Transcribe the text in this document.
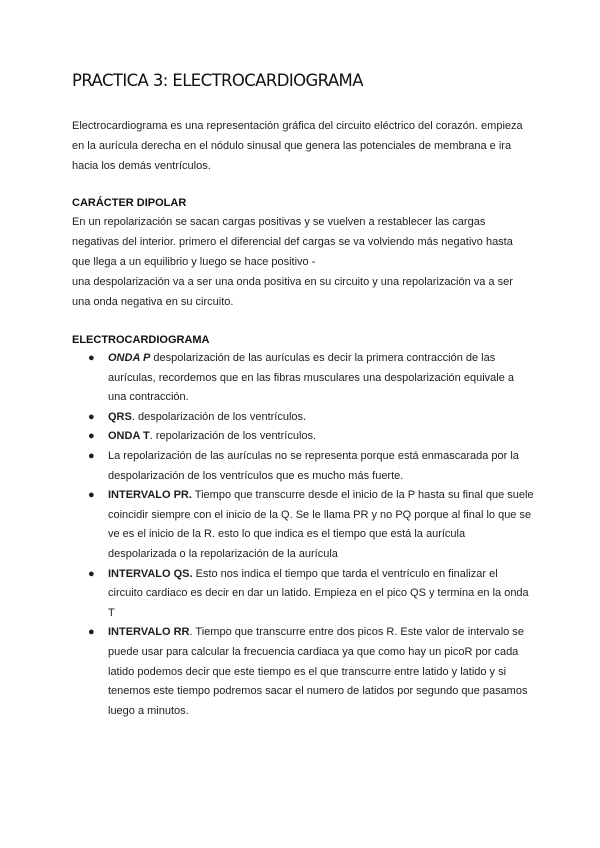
PRACTICA 3: ELECTROCARDIOGRAMA

Electrocardiograma es una representación gráfica del circuito eléctrico del corazón. empieza en la aurícula derecha en el nódulo sinusal que genera las potenciales de membrana e ira hacia los demás ventrículos.

CARÁCTER DIPOLAR

En un repolarización se sacan cargas positivas y se vuelven a restablecer las cargas negativas del interior. primero el diferencial def cargas se va volviendo más negativo hasta que llega a un equilibrio y luego se hace positivo -

una despolarización va a ser una onda positiva en su circuito y una repolarización va a ser una onda negativa en su circuito.

ELECTROCARDIOGRAMA
● ONDA P despolarización de las aurículas es decir la primera contracción de las aurículas, recordemos que en las fibras musculares una despolarización equivale a una contracción.
● QRS. despolarización de los ventrículos.
● ONDA T. repolarización de los ventrículos.
● La repolarización de las aurículas no se representa porque está enmascarada por la despolarización de los ventrículos que es mucho más fuerte.
● INTERVALO PR. Tiempo que transcurre desde el inicio de la P hasta su final que suele coincidir siempre con el inicio de la Q. Se le llama PR y no PQ porque al final lo que se ve es el inicio de la R. esto lo que indica es el tiempo que está la aurícula despolarizada o la repolarización de la aurícula
● INTERVALO QS. Esto nos indica el tiempo que tarda el ventrículo en finalizar el circuito cardiaco es decir en dar un latido. Empieza en el pico QS y termina en la onda T
● INTERVALO RR. Tiempo que transcurre entre dos picos R. Este valor de intervalo se puede usar para calcular la frecuencia cardiaca ya que como hay un picoR por cada latido podemos decir que este tiempo es el que transcurre entre latido y latido y si tenemos este tiempo podremos sacar el numero de latidos por segundo que pasamos luego a minutos.
